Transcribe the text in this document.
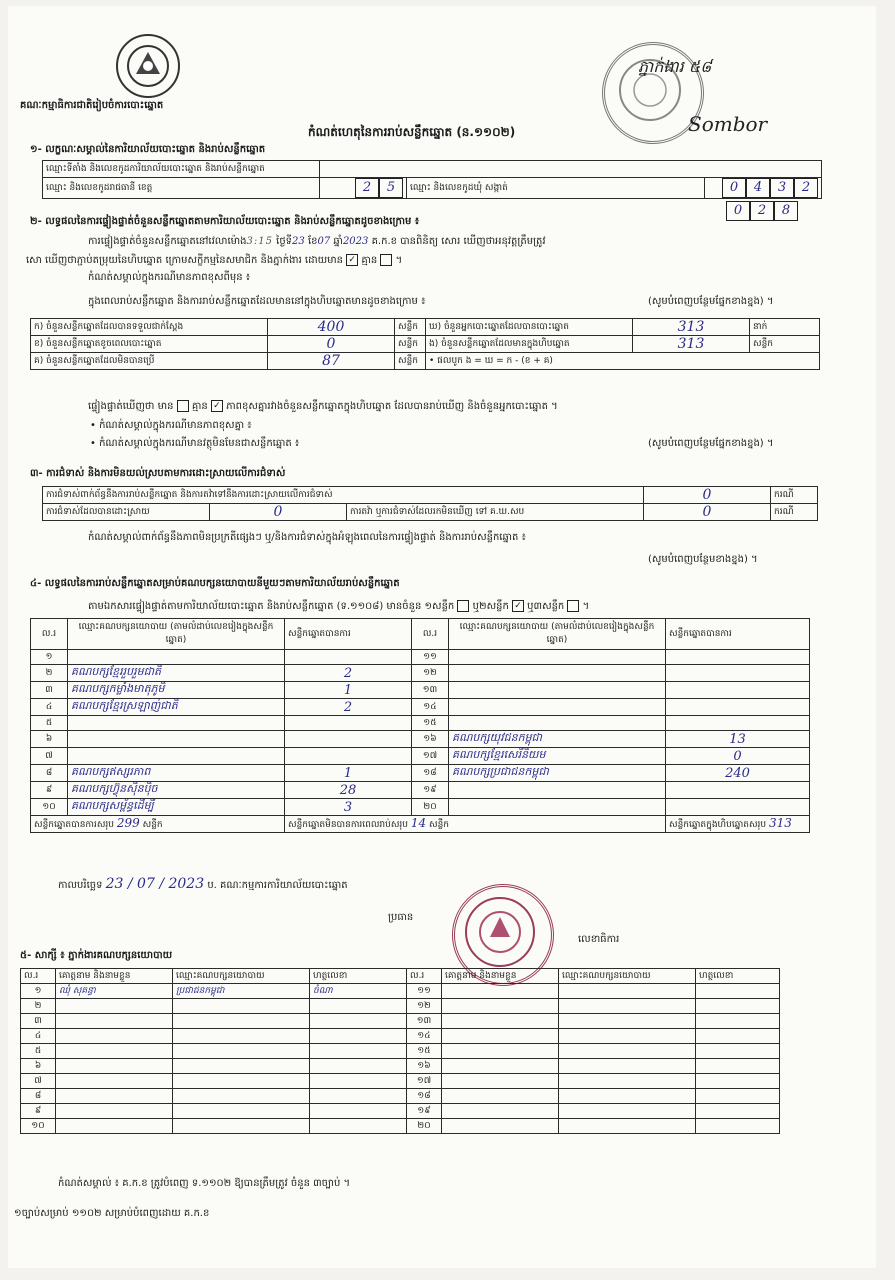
គណៈកម្មាធិការជាតិរៀបចំការបោះឆ្នោត
កំណត់ហេតុនៃការរាប់សន្លឹកឆ្នោត (ន.១១០២)
ភ្នាក់ងារ ៥៨
Sombor
១- លក្ខណៈសម្គាល់នៃការិយាល័យបោះឆ្នោត និងរាប់សន្លឹកឆ្នោត
ឈ្មោះទីតាំង និងលេខកូដការិយាល័យបោះឆ្នោត និងរាប់សន្លឹកឆ្នោត			
ឈ្មោះ និងលេខកូដរាជធានី ខេត្ត	2 5	ឈ្មោះ និងលេខកូដឃុំ សង្កាត់	0 4 3 2
0 2 8
២- លទ្ធផលនៃការផ្ទៀងផ្ទាត់ចំនួនសន្លឹកឆ្នោតតាមការិយាល័យបោះឆ្នោត និងរាប់សន្លឹកឆ្នោតដូចខាងក្រោម ៖
ការផ្ទៀងផ្ទាត់ចំនួនសន្លឹកឆ្នោតនៅវេលាម៉ោង3:15 ថ្ងៃទី23 ខែ07 ឆ្នាំ2023 គ.ក.ខ បានពិនិត្យ សោរ ឃើញថាអនុវត្តត្រឹមត្រូវ
សោ ឃើញថាភ្ជាប់តម្រុយនៃហិបឆ្នោត ក្រោមសក្ខីកម្មនៃសមាជិក និងភ្នាក់ងារ ដោយមាន ✓ គ្មាន  ។
កំណត់សម្គាល់ក្នុងករណីមានភាពខុសពីមុន ៖
ក្នុងពេលរាប់សន្លឹកឆ្នោត និងការរាប់សន្លឹកឆ្នោតដែលមាននៅក្នុងហិបឆ្នោតមានដូចខាងក្រោម ៖	(សូមបំពេញបន្ថែមផ្នែកខាងខ្នង) ។
ក) ចំនួនសន្លឹកឆ្នោតដែលបានទទួលជាក់ស្តែង	400	សន្លឹក	ឃ) ចំនួនអ្នកបោះឆ្នោតដែលបានបោះឆ្នោត	313	នាក់
ខ) ចំនួនសន្លឹកឆ្នោតខូចពេលបោះឆ្នោត	0	សន្លឹក	ង) ចំនួនសន្លឹកឆ្នោតដែលមានក្នុងហិបឆ្នោត	313	សន្លឹក
គ) ចំនួនសន្លឹកឆ្នោតដែលមិនបានប្រើ	87	សន្លឹក	• ផលបូក ង = ឃ = ក - (ខ + គ)		
ផ្ទៀងផ្ទាត់ឃើញថា មាន គ្មាន ✓ ភាពខុសគ្នារវាងចំនួនសន្លឹកឆ្នោតក្នុងហិបឆ្នោត ដែលបានរាប់ឃើញ និងចំនួនអ្នកបោះឆ្នោត ។
• កំណត់សម្គាល់ក្នុងករណីមានភាពខុសគ្នា ៖
• កំណត់សម្គាល់ក្នុងករណីមានវត្ថុមិនមែនជាសន្លឹកឆ្នោត ៖	(សូមបំពេញបន្ថែមផ្នែកខាងខ្នង) ។
៣- ការជំទាស់ និងការមិនយល់ស្របតាមការដោះស្រាយលើការជំទាស់
ការជំទាស់ពាក់ព័ន្ធនឹងការរាប់សន្លឹកឆ្នោត និងការតវ៉ាទៅនឹងការដោះស្រាយលើការជំទាស់			0	ករណី
ការជំទាស់ដែលបានដោះស្រាយ	0	ការតវ៉ា ឬការជំទាស់ដែលរកមិនឃើញ ទៅ គ.ឃ.សប	0	ករណី
កំណត់សម្គាល់ពាក់ព័ន្ធនឹងភាពមិនប្រក្រតីផ្សេងៗ ឬ/និងការជំទាស់ក្នុងអំឡុងពេលនៃការផ្ទៀងផ្ទាត់ និងការរាប់សន្លឹកឆ្នោត ៖
(សូមបំពេញបន្ថែមខាងខ្នង) ។
៤- លទ្ធផលនៃការរាប់សន្លឹកឆ្នោតសម្រាប់គណបក្សនយោបាយនីមួយៗតាមការិយាល័យរាប់សន្លឹកឆ្នោត
តាមឯកសារផ្ទៀងផ្ទាត់តាមការិយាល័យបោះឆ្នោត និងរាប់សន្លឹកឆ្នោត (ទ.១១០៨) មានចំនួន ១សន្លឹក ឬ២សន្លឹក ✓ ឬ៣សន្លឹក  ។
ល.រ	ឈ្មោះគណបក្សនយោបាយ (តាមលំដាប់លេខរៀងក្នុងសន្លឹកឆ្នោត)	សន្លឹកឆ្នោតបានការ	ល.រ	ឈ្មោះគណបក្សនយោបាយ (តាមលំដាប់លេខរៀងក្នុងសន្លឹកឆ្នោត)	សន្លឹកឆ្នោតបានការ
១			១១		
២	គណបក្សខ្មែររួបរួមជាតិ	2	១២		
៣	គណបក្សកម្លាំងមាតុភូមិ	1	១៣		
៤	គណបក្សខ្មែរស្រឡាញ់ជាតិ	2	១៤		
៥			១៥		
៦			១៦	គណបក្សយុវជនកម្ពុជា	13
៧			១៧	គណបក្សខ្មែរសេរីនិយម	0
៨	គណបក្សឥស្សរភាព	1	១៨	គណបក្សប្រជាជនកម្ពុជា	240
៩	គណបក្សហ៊្វុនស៊ិនប៉ិច	28	១៩		
១០	គណបក្សសម្ព័ន្ធដើម្បី	3	២០		
សន្លឹកឆ្នោតបានការសរុប 299 សន្លឹក		សន្លឹកឆ្នោតមិនបានការពេលរាប់សរុប 14 សន្លឹក			សន្លឹកឆ្នោតក្នុងហិបឆ្នោតសរុប 313
កាលបរិច្ឆេទ 23 / 07 / 2023 ប. គណៈកម្មការការិយាល័យបោះឆ្នោត
ប្រធាន
លេខាធិការ
៥- សាក្សី ៖ ភ្នាក់ងារគណបក្សនយោបាយ
ល.រ	គោត្តនាម និងនាមខ្លួន	ឈ្មោះគណបក្សនយោបាយ	ហត្ថលេខា	ល.រ	គោត្តនាម និងនាមខ្លួន	ឈ្មោះគណបក្សនយោបាយ	ហត្ថលេខា
១	ឈុំ សុគន្ធា	ប្រជាជនកម្ពុជា	ចំណា	១១			
២				១២			
៣				១៣			
៤				១៤			
៥				១៥			
៦				១៦			
៧				១៧			
៨				១៨			
៩				១៩			
១០				២០			
កំណត់សម្គាល់ ៖ គ.ក.ខ ត្រូវបំពេញ ទ.១១០២ ឱ្យបានត្រឹមត្រូវ ចំនួន ៣ច្បាប់ ។
១ច្បាប់សម្រាប់ ១១០២ សម្រាប់បំពេញដោយ គ.ក.ខ
